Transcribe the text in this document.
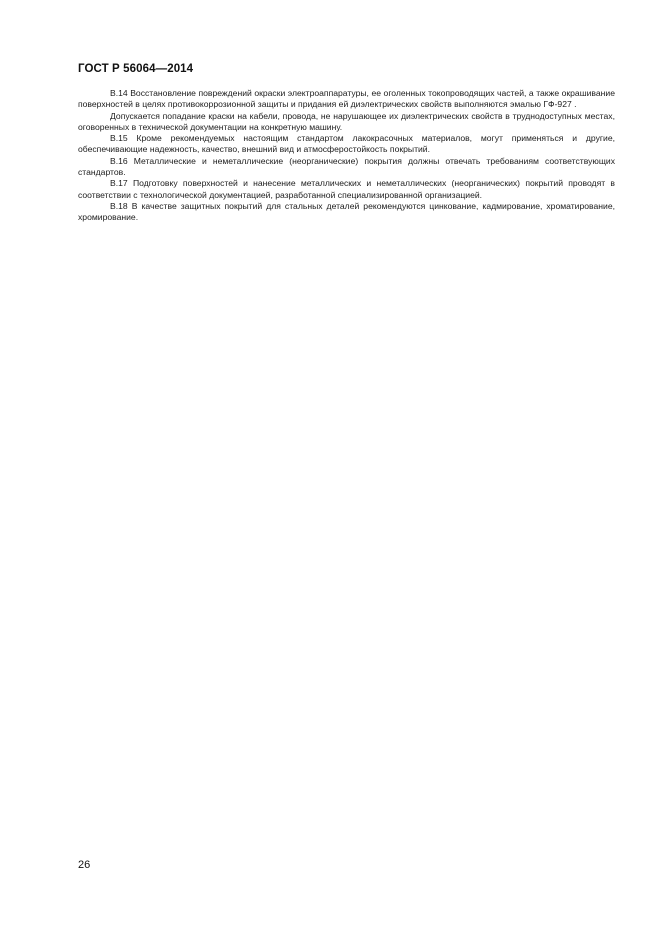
ГОСТ Р 56064—2014

В.14 Восстановление повреждений окраски электроаппаратуры, ее оголенных токопроводящих частей, а также окрашивание поверхностей в целях противокоррозионной защиты и придания ей диэлектрических свойств выполняются эмалью ГФ-927 .

Допускается попадание краски на кабели, провода, не нарушающее их диэлектрических свойств в труднодоступных местах, оговоренных в технической документации на конкретную машину.

В.15 Кроме рекомендуемых настоящим стандартом лакокрасочных материалов, могут применяться и другие, обеспечивающие надежность, качество, внешний вид и атмосферостойкость покрытий.

В.16 Металлические и неметаллические (неорганические) покрытия должны отвечать требованиям соответствующих стандартов.

В.17 Подготовку поверхностей и нанесение металлических и неметаллических (неорганических) покрытий проводят в соответствии с технологической документацией, разработанной специализированной организацией.

В.18 В качестве защитных покрытий для стальных деталей рекомендуются цинкование, кадмирование, хроматирование, хромирование.

26
